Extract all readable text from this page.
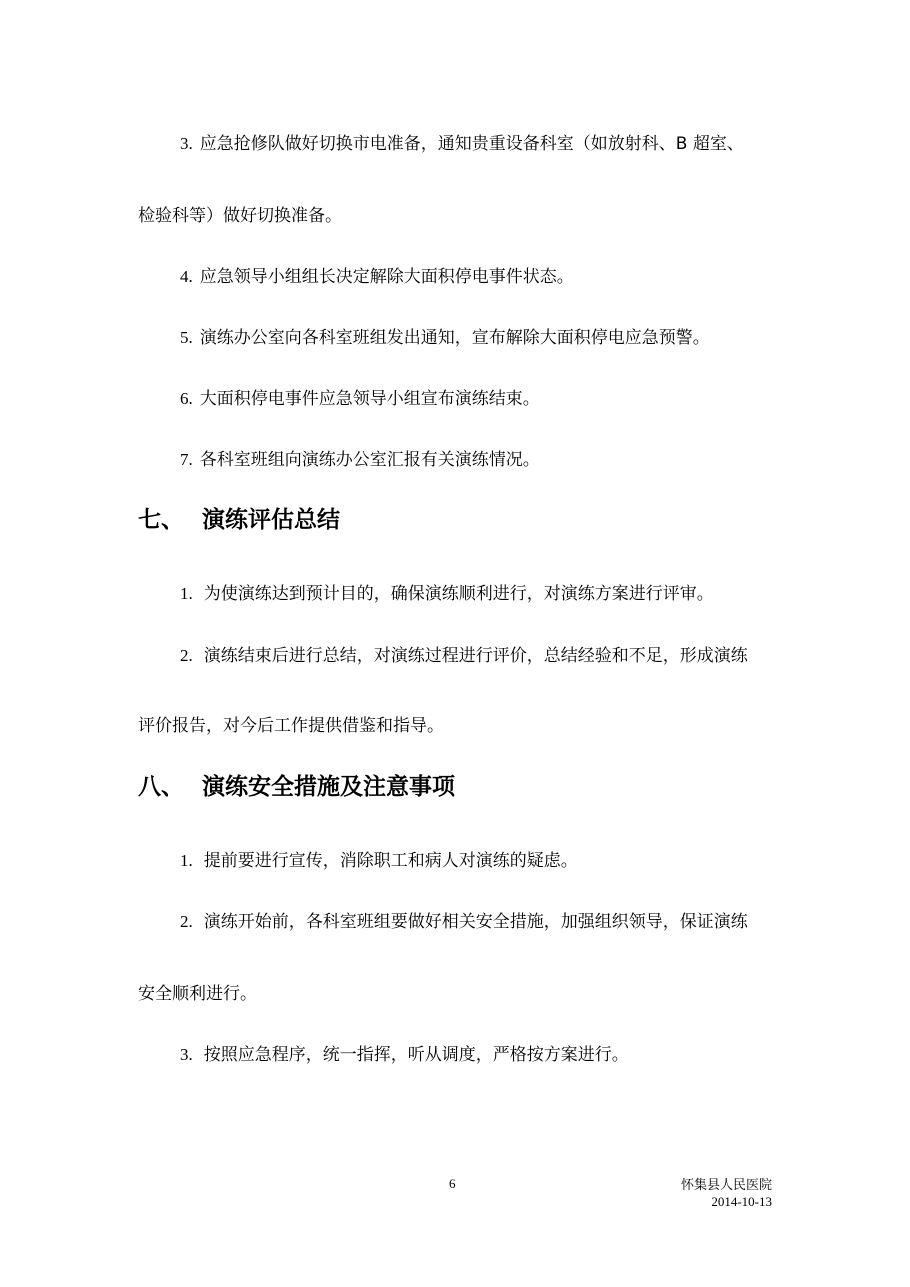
3. 应急抢修队做好切换市电准备，通知贵重设备科室（如放射科、B 超室、
检验科等）做好切换准备。
4. 应急领导小组组长决定解除大面积停电事件状态。
5. 演练办公室向各科室班组发出通知，宣布解除大面积停电应急预警。
6. 大面积停电事件应急领导小组宣布演练结束。
7. 各科室班组向演练办公室汇报有关演练情况。
七、 演练评估总结
1. 为使演练达到预计目的，确保演练顺利进行，对演练方案进行评审。
2. 演练结束后进行总结，对演练过程进行评价，总结经验和不足，形成演练
评价报告，对今后工作提供借鉴和指导。
八、 演练安全措施及注意事项
1. 提前要进行宣传，消除职工和病人对演练的疑虑。
2. 演练开始前，各科室班组要做好相关安全措施，加强组织领导，保证演练
安全顺利进行。
3. 按照应急程序，统一指挥，听从调度，严格按方案进行。
6	怀集县人民医院
2014-10-13
